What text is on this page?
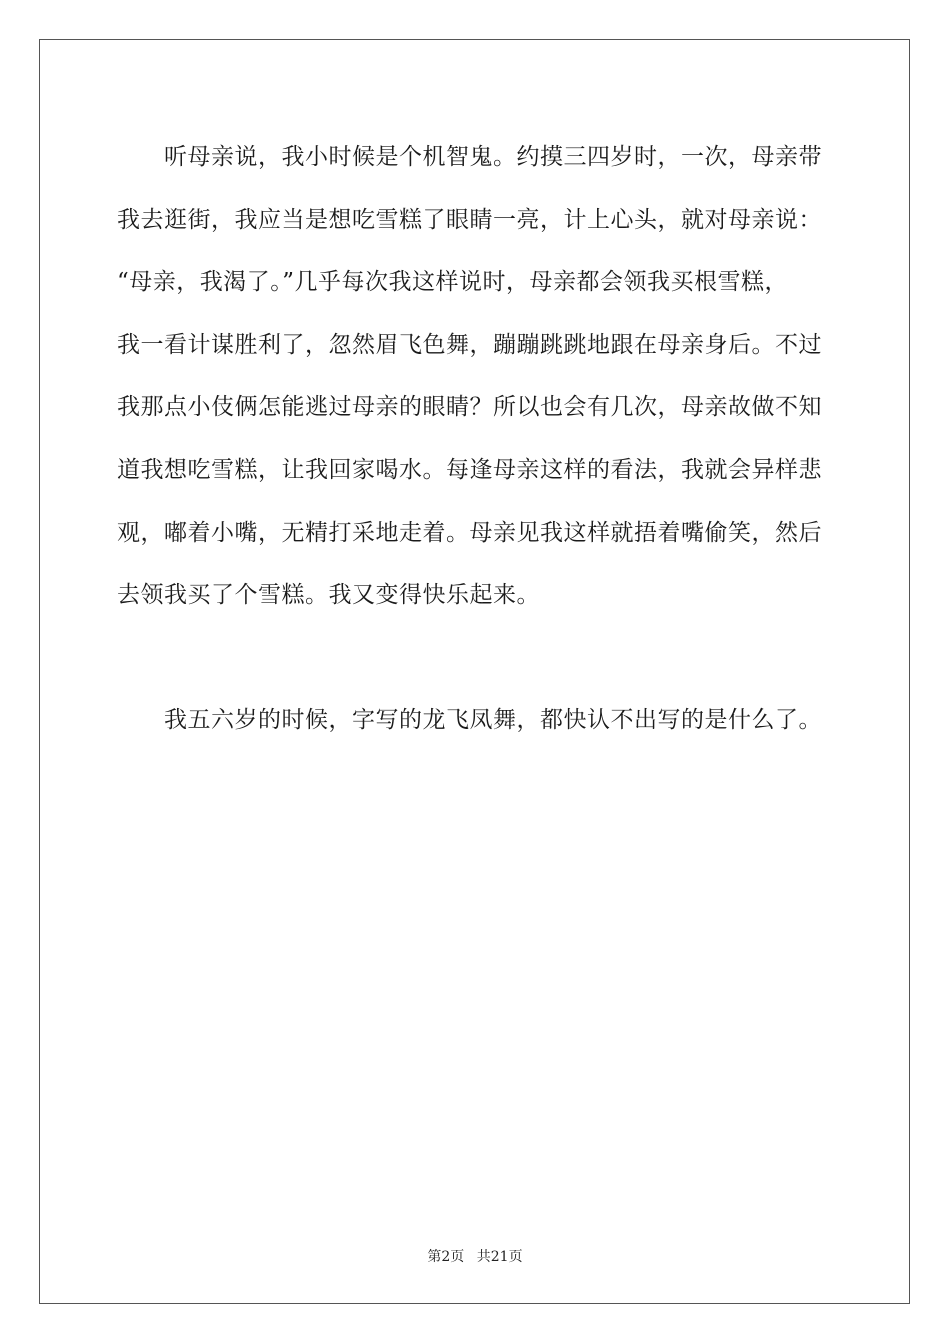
　　听母亲说，我小时候是个机智鬼。约摸三四岁时，一次，母亲带
我去逛街，我应当是想吃雪糕了眼睛一亮，计上心头，就对母亲说：
“母亲，我渴了。”几乎每次我这样说时，母亲都会领我买根雪糕，
我一看计谋胜利了，忽然眉飞色舞，蹦蹦跳跳地跟在母亲身后。不过
我那点小伎俩怎能逃过母亲的眼睛？所以也会有几次，母亲故做不知
道我想吃雪糕，让我回家喝水。每逢母亲这样的看法，我就会异样悲
观，嘟着小嘴，无精打采地走着。母亲见我这样就捂着嘴偷笑，然后
去领我买了个雪糕。我又变得快乐起来。

　　我五六岁的时候，字写的龙飞凤舞，都快认不出写的是什么了。

第2页 共21页
